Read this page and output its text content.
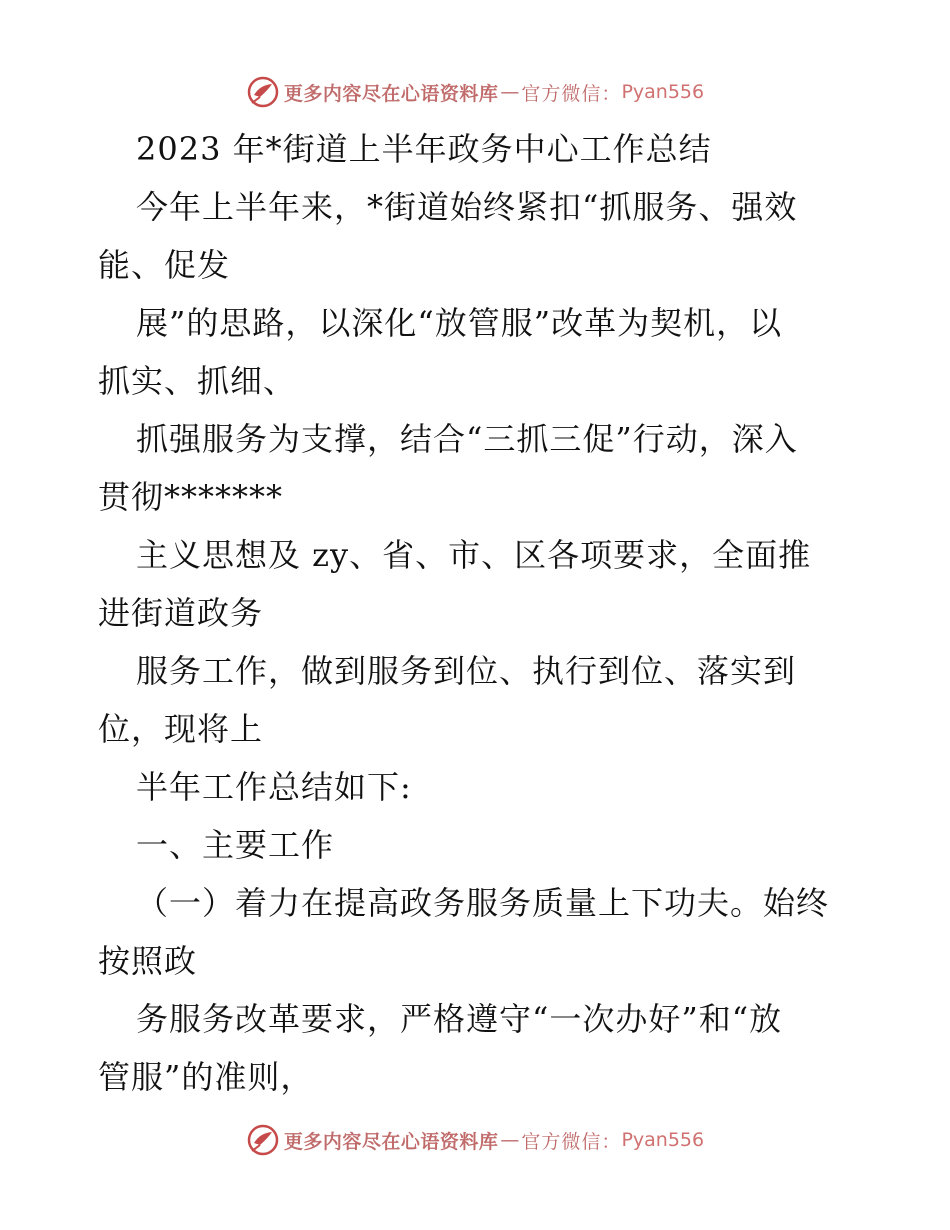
更多内容尽在心语资料库 — 官方微信： Pyan556
2023 年*街道上半年政务中心工作总结
今年上半年来，*街道始终紧扣“抓服务、强效
能、促发
展”的思路，以深化“放管服”改革为契机，以
抓实、抓细、
抓强服务为支撑，结合“三抓三促”行动，深入
贯彻*******
主义思想及 zy、省、市、区各项要求，全面推
进街道政务
服务工作，做到服务到位、执行到位、落实到
位，现将上
半年工作总结如下:
一、主要工作
（一）着力在提高政务服务质量上下功夫。始终
按照政
务服务改革要求，严格遵守“一次办好”和“放
管服”的准则，
更多内容尽在心语资料库 — 官方微信： Pyan556
